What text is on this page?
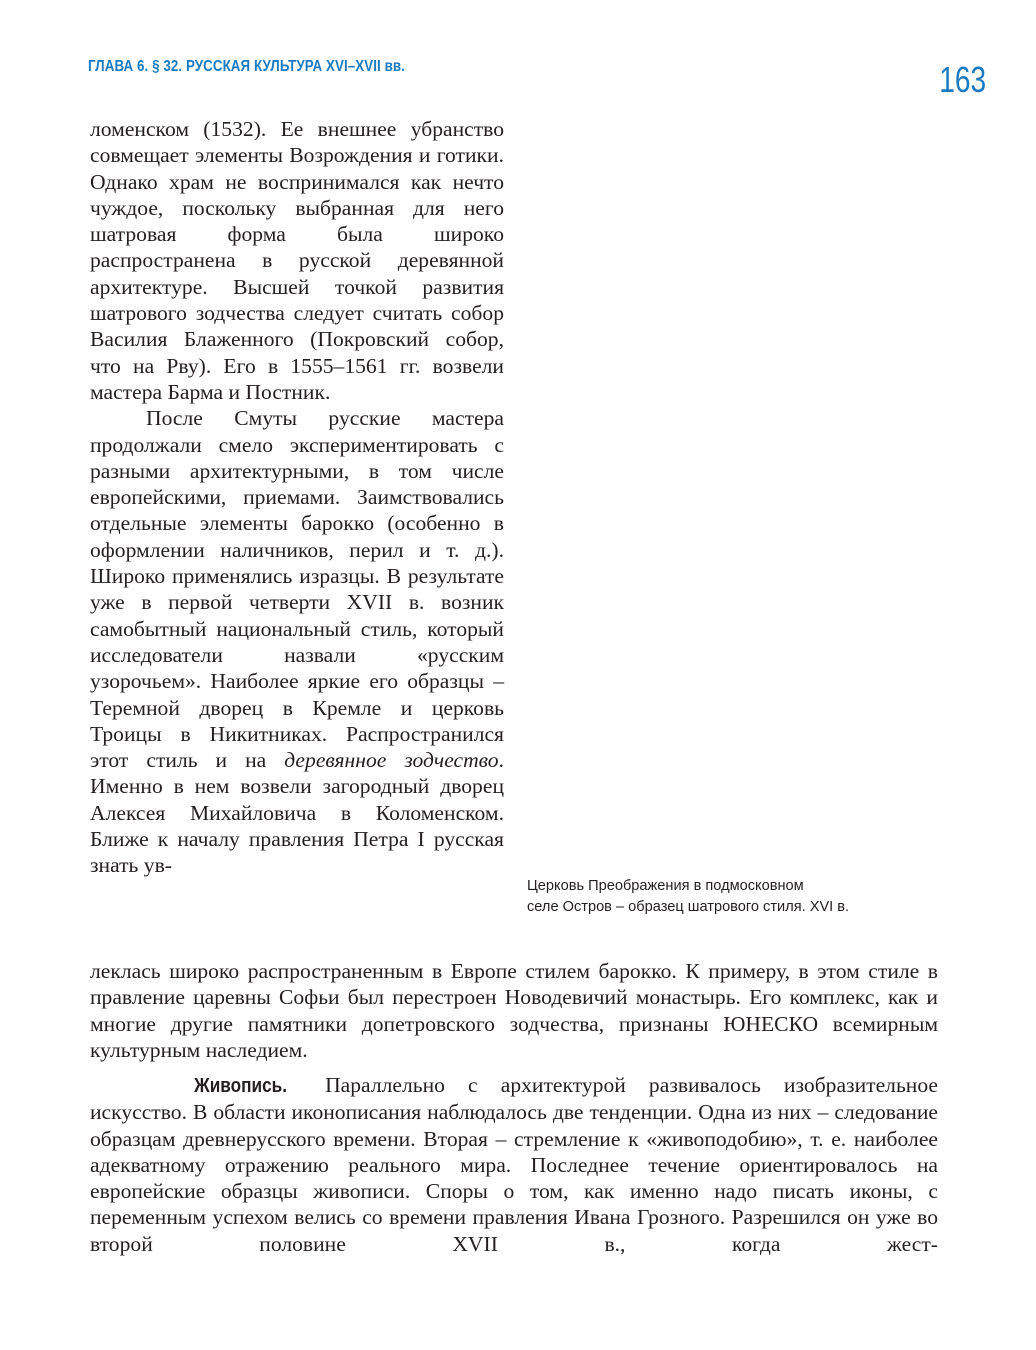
ГЛАВА 6. § 32. РУССКАЯ КУЛЬТУРА XVI–XVII вв.	163

ломенском (1532). Ее внешнее убранство совмещает элементы Возрождения и готики. Однако храм не воспринимался как нечто чуждое, поскольку выбранная для него шатровая форма была широко распространена в русской деревянной архитектуре. Высшей точкой развития шатрового зодчества следует считать собор Василия Блаженного (Покровский собор, что на Рву). Его в 1555–1561 гг. возвели мастера Барма и Постник.

После Смуты русские мастера продолжали смело экспериментировать с разными архитектурными, в том числе европейскими, приемами. Заимствовались отдельные элементы барокко (особенно в оформлении наличников, перил и т. д.). Широко применялись изразцы. В результате уже в первой четверти XVII в. возник самобытный национальный стиль, который исследователи назвали «русским узорочьем». Наиболее яркие его образцы – Теремной дворец в Кремле и церковь Троицы в Никитниках. Распространился этот стиль и на деревянное зодчество. Именно в нем возвели загородный дворец Алексея Михайловича в Коломенском. Ближе к началу правления Петра I русская знать ув-

Церковь Преображения в подмосковном
селе Остров – образец шатрового стиля. XVI в.

леклась широко распространенным в Европе стилем барокко. К примеру, в этом стиле в правление царевны Софьи был перестроен Новодевичий монастырь. Его комплекс, как и многие другие памятники допетровского зодчества, признаны ЮНЕСКО всемирным культурным наследием.

Живопись. Параллельно с архитектурой развивалось изобразительное искусство. В области иконописания наблюдалось две тенденции. Одна из них – следование образцам древнерусского времени. Вторая – стремление к «живоподобию», т. е. наиболее адекватному отражению реального мира. Последнее течение ориентировалось на европейские образцы живописи. Споры о том, как именно надо писать иконы, с переменным успехом велись со времени правления Ивана Грозного. Разрешился он уже во второй половине XVII в., когда жест-
